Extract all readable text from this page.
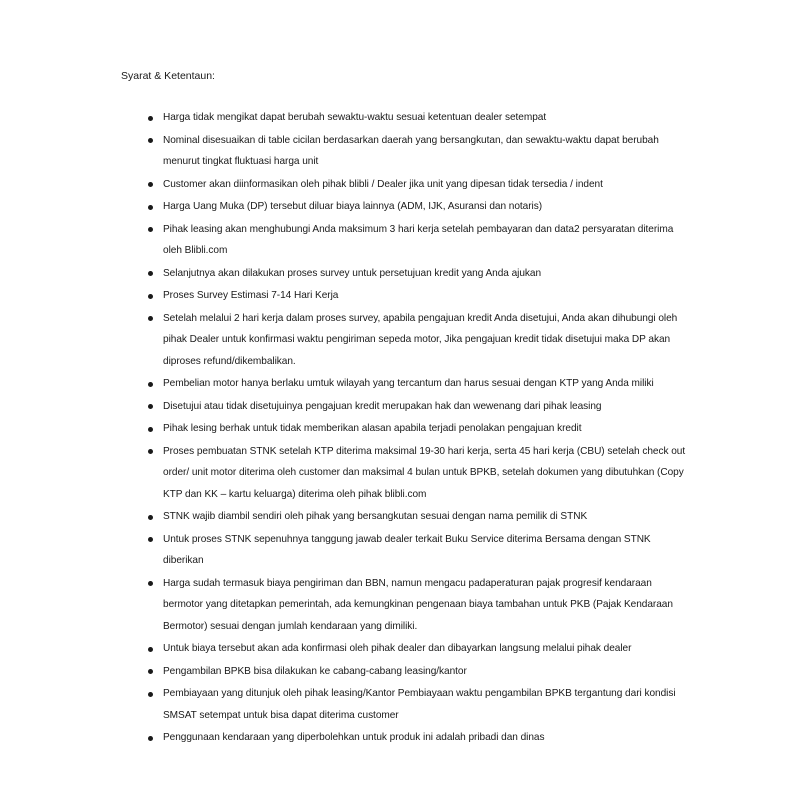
Syarat & Ketentaun:
Harga tidak mengikat dapat berubah sewaktu-waktu sesuai ketentuan dealer setempat
Nominal disesuaikan di table cicilan berdasarkan daerah yang bersangkutan, dan sewaktu-waktu dapat berubah menurut tingkat fluktuasi harga unit
Customer akan diinformasikan oleh pihak blibli / Dealer jika unit yang dipesan tidak tersedia / indent
Harga Uang Muka (DP) tersebut diluar biaya lainnya (ADM, IJK, Asuransi dan notaris)
Pihak leasing akan menghubungi Anda maksimum 3 hari kerja setelah pembayaran dan data2 persyaratan diterima oleh Blibli.com
Selanjutnya akan dilakukan proses survey untuk persetujuan kredit yang Anda ajukan
Proses Survey Estimasi 7-14 Hari Kerja
Setelah melalui 2 hari kerja dalam proses survey, apabila pengajuan kredit Anda disetujui, Anda akan dihubungi oleh pihak Dealer untuk konfirmasi waktu pengiriman sepeda motor, Jika pengajuan kredit tidak disetujui maka DP akan diproses refund/dikembalikan.
Pembelian motor hanya berlaku umtuk wilayah yang tercantum dan harus sesuai dengan KTP yang Anda miliki
Disetujui atau tidak disetujuinya pengajuan kredit merupakan hak dan wewenang dari pihak leasing
Pihak lesing berhak untuk tidak memberikan alasan apabila terjadi penolakan pengajuan kredit
Proses pembuatan STNK setelah KTP diterima maksimal 19-30 hari kerja, serta 45 hari kerja (CBU) setelah check out order/ unit motor diterima oleh customer dan maksimal 4 bulan untuk BPKB, setelah dokumen yang dibutuhkan (Copy KTP dan KK – kartu keluarga) diterima oleh pihak blibli.com
STNK wajib diambil sendiri oleh pihak yang bersangkutan sesuai dengan nama pemilik di STNK
Untuk proses STNK sepenuhnya tanggung jawab dealer terkait Buku Service diterima Bersama dengan STNK diberikan
Harga sudah termasuk biaya pengiriman dan BBN, namun mengacu padaperaturan pajak progresif kendaraan bermotor yang ditetapkan pemerintah, ada kemungkinan pengenaan biaya tambahan untuk PKB (Pajak Kendaraan Bermotor) sesuai dengan jumlah kendaraan yang dimiliki.
Untuk biaya tersebut akan ada konfirmasi oleh pihak dealer dan dibayarkan langsung melalui pihak dealer
Pengambilan BPKB bisa dilakukan ke cabang-cabang leasing/kantor
Pembiayaan yang ditunjuk oleh pihak leasing/Kantor Pembiayaan waktu pengambilan BPKB tergantung dari kondisi SMSAT setempat untuk bisa dapat diterima customer
Penggunaan kendaraan yang diperbolehkan untuk produk ini adalah pribadi dan dinas
